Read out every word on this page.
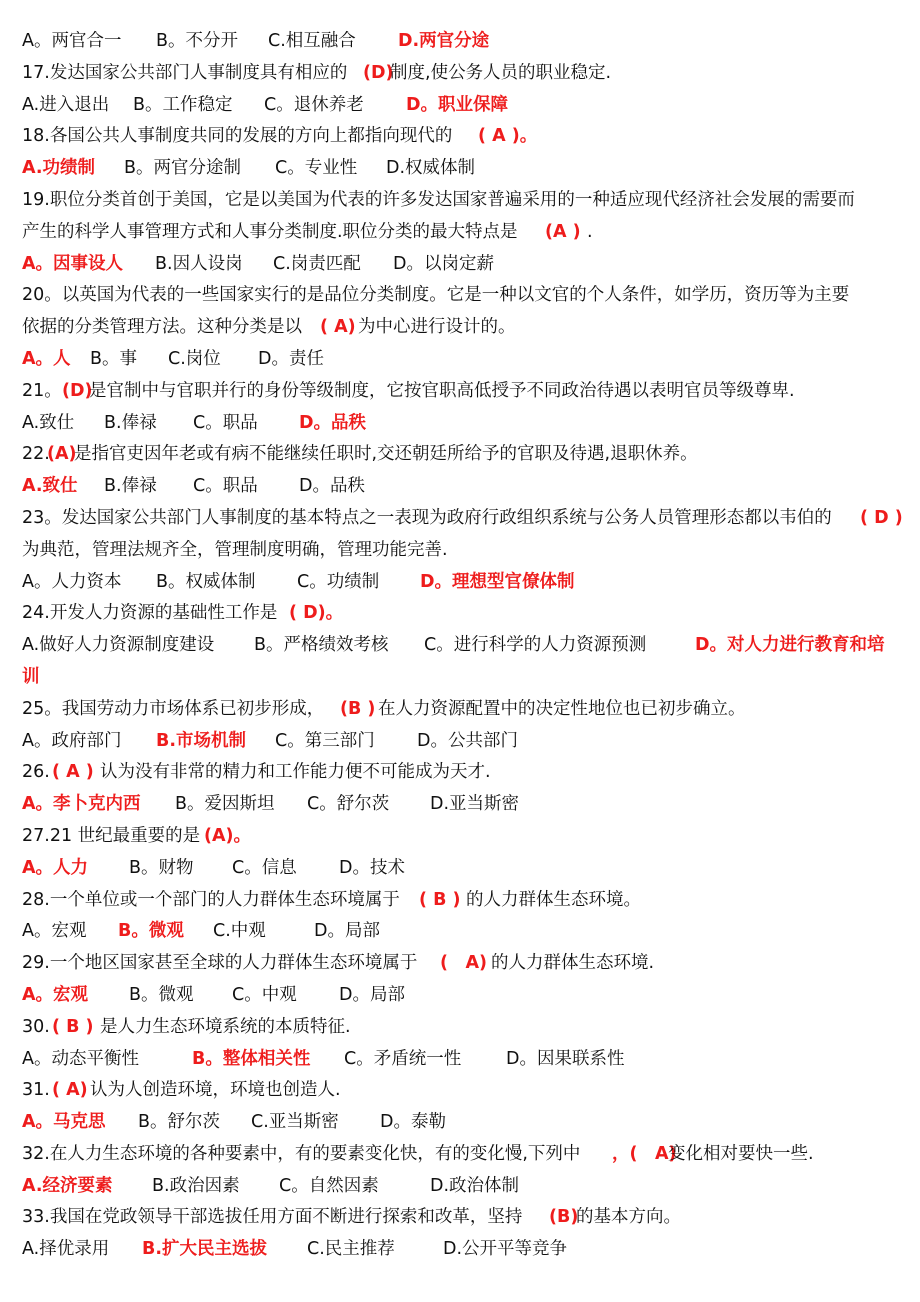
A。两官合一 B。不分开 C.相互融合 D.两官分途
17.发达国家公共部门人事制度具有相应的 (D)
制度,使公务人员的职业稳定.
A.进入退出 B。工作稳定 C。退休养老 D。职业保障
18.各国公共人事制度共同的发展的方向上都指向现代的 ( A )。
A.功绩制 B。两官分途制 C。专业性 D.权威体制
19.职位分类首创于美国，它是以美国为代表的许多发达国家普遍采用的一种适应现代经济社会发展的需要而
产生的科学人事管理方式和人事分类制度.职位分类的最大特点是 (A ) .
A。因事设人 B.因人设岗 C.岗责匹配 D。以岗定薪
20。以英国为代表的一些国家实行的是品位分类制度。它是一种以文官的个人条件，如学历，资历等为主要
依据的分类管理方法。这种分类是以 ( A) 为中心进行设计的。
A。人 B。事 C.岗位 D。责任
21。 (D)
是官制中与官职并行的身份等级制度，它按官职高低授予不同政治待遇以表明官员等级尊卑.
A.致仕 B.俸禄 C。职品 D。品秩
22.
(A)
是指官吏因年老或有病不能继续任职时,交还朝廷所给予的官职及待遇,退职休养。
A.致仕 B.俸禄 C。职品 D。品秩
23。发达国家公共部门人事制度的基本特点之一表现为政府行政组织系统与公务人员管理形态都以韦伯的 ( D )
为典范，管理法规齐全，管理制度明确，管理功能完善.
A。人力资本 B。权威体制 C。功绩制 D。理想型官僚体制
24.开发人力资源的基础性工作是 ( D)。
A.做好人力资源制度建设 B。严格绩效考核 C。进行科学的人力资源预测	D。对人力进行教育和培
训
25。我国劳动力市场体系已初步形成， (B ) 在人力资源配置中的决定性地位也已初步确立。
A。政府部门 B.市场机制 C。第三部门 D。公共部门
26. ( A ) 认为没有非常的精力和工作能力便不可能成为天才.
A。李卜克内西 B。爱因斯坦 C。舒尔茨 D.亚当斯密
27.21 世纪最重要的是 (A)。
A。人力 B。财物 C。信息 D。技术
28.一个单位或一个部门的人力群体生态环境属于 ( B ) 的人力群体生态环境。
A。宏观 B。微观 C.中观	D。局部
29.一个地区国家甚至全球的人力群体生态环境属于 (　A) 的人力群体生态环境.
A。宏观 B。微观 C。中观 D。局部
30. ( B ) 是人力生态环境系统的本质特征.
A。动态平衡性	B。整体相关性 C。矛盾统一性	D。因果联系性
31. ( A) 认为人创造环境，环境也创造人.
A。马克思 B。舒尔茨 C.亚当斯密 D。泰勒
32.在人力生态环境的各种要素中，有的要素变化快，有的变化慢,下列中 ，(　A)
变化相对要快一些.
A.经济要素 B.政治因素 C。自然因素	D.政治体制
33.我国在党政领导干部选拔任用方面不断进行探索和改革，坚持 (B)
的基本方向。
A.择优录用 B.扩大民主选拔 C.民主推荐	D.公开平等竞争
